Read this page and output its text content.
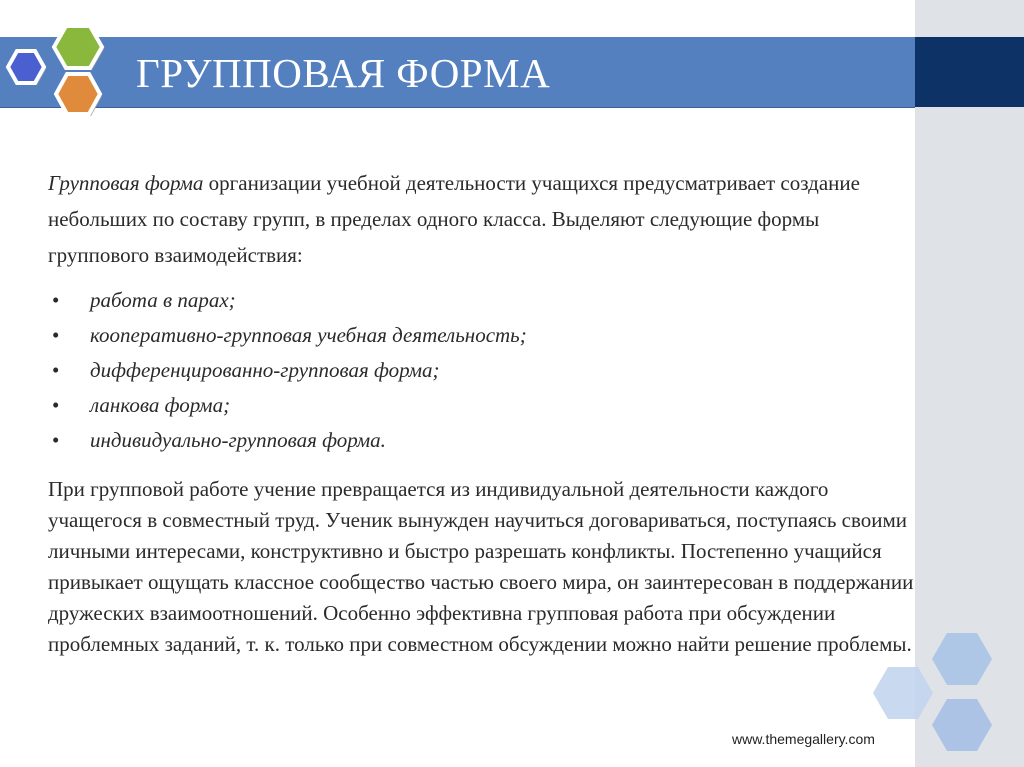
ГРУППОВАЯ ФОРМА

Групповая форма организации учебной деятельности учащихся предусматривает создание небольших по составу групп, в пределах одного класса. Выделяют следующие формы группового взаимодействия:

•	работа в парах;
•	кооперативно-групповая учебная деятельность;
•	дифференцированно-групповая форма;
•	ланкова форма;
•	индивидуально-групповая форма.

При групповой работе учение превращается из индивидуальной деятельности каждого учащегося в совместный труд. Ученик вынужден научиться договариваться, поступаясь своими личными интересами, конструктивно и быстро разрешать конфликты. Постепенно учащийся привыкает ощущать классное сообщество частью своего мира, он заинтересован в поддержании дружеских взаимоотношений. Особенно эффективна групповая работа при обсуждении проблемных заданий, т. к. только при совместном обсуждении можно найти решение проблемы.

www.themegallery.com
